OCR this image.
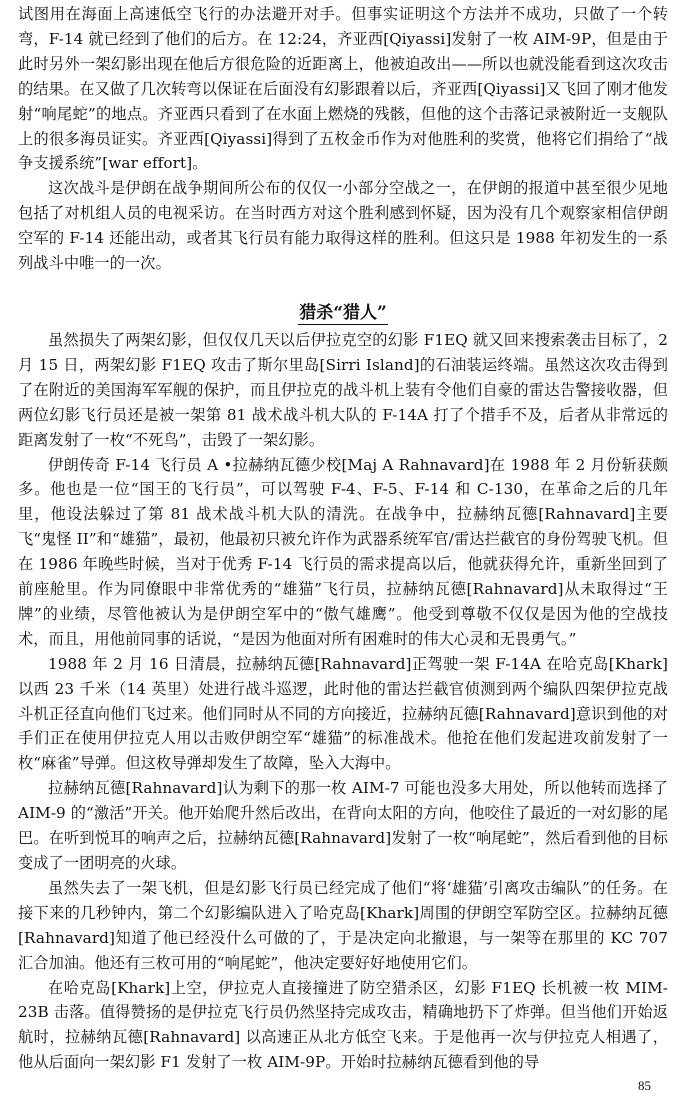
试图用在海面上高速低空飞行的办法避开对手。但事实证明这个方法并不成功，只做了一个转弯，F-14 就已经到了他们的后方。在 12:24，齐亚西[Qiyassi]发射了一枚 AIM-9P，但是由于此时另外一架幻影出现在他后方很危险的近距离上，他被迫改出——所以也就没能看到这次攻击的结果。在又做了几次转弯以保证在后面没有幻影跟着以后，齐亚西[Qiyassi]又飞回了刚才他发射“响尾蛇”的地点。齐亚西只看到了在水面上燃烧的残骸，但他的这个击落记录被附近一支舰队上的很多海员证实。齐亚西[Qiyassi]得到了五枚金币作为对他胜利的奖赏，他将它们捐给了“战争支援系统”[war effort]。

这次战斗是伊朗在战争期间所公布的仅仅一小部分空战之一，在伊朗的报道中甚至很少见地包括了对机组人员的电视采访。在当时西方对这个胜利感到怀疑，因为没有几个观察家相信伊朗空军的 F-14 还能出动，或者其飞行员有能力取得这样的胜利。但这只是 1988 年初发生的一系列战斗中唯一的一次。

猎杀“猎人”

虽然损失了两架幻影，但仅仅几天以后伊拉克空的幻影 F1EQ 就又回来搜索袭击目标了，2 月 15 日，两架幻影 F1EQ 攻击了斯尔里岛[Sirri Island]的石油装运终端。虽然这次攻击得到了在附近的美国海军军舰的保护，而且伊拉克的战斗机上装有令他们自豪的雷达告警接收器，但两位幻影飞行员还是被一架第 81 战术战斗机大队的 F-14A 打了个措手不及，后者从非常远的距离发射了一枚“不死鸟”，击毁了一架幻影。

伊朗传奇 F-14 飞行员 A •拉赫纳瓦德少校[Maj A Rahnavard]在 1988 年 2 月份斩获颇多。他也是一位“国王的飞行员”，可以驾驶 F-4、F-5、F-14 和 C-130，在革命之后的几年里，他设法躲过了第 81 战术战斗机大队的清洗。在战争中，拉赫纳瓦德[Rahnavard]主要飞“鬼怪 II”和“雄猫”，最初，他最初只被允许作为武器系统军官/雷达拦截官的身份驾驶飞机。但在 1986 年晚些时候，当对于优秀 F-14 飞行员的需求提高以后，他就获得允许，重新坐回到了前座舱里。作为同僚眼中非常优秀的“雄猫”飞行员，拉赫纳瓦德[Rahnavard]从未取得过“王牌”的业绩，尽管他被认为是伊朗空军中的“傲气雄鹰”。他受到尊敬不仅仅是因为他的空战技术，而且，用他前同事的话说，“是因为他面对所有困难时的伟大心灵和无畏勇气。”

1988 年 2 月 16 日清晨，拉赫纳瓦德[Rahnavard]正驾驶一架 F-14A 在哈克岛[Khark]以西 23 千米（14 英里）处进行战斗巡逻，此时他的雷达拦截官侦测到两个编队四架伊拉克战斗机正径直向他们飞过来。他们同时从不同的方向接近，拉赫纳瓦德[Rahnavard]意识到他的对手们正在使用伊拉克人用以击败伊朗空军“雄猫”的标准战术。他抢在他们发起进攻前发射了一枚“麻雀”导弹。但这枚导弹却发生了故障，坠入大海中。

拉赫纳瓦德[Rahnavard]认为剩下的那一枚 AIM-7 可能也没多大用处，所以他转而选择了 AIM-9 的“激活”开关。他开始爬升然后改出，在背向太阳的方向，他咬住了最近的一对幻影的尾巴。在听到悦耳的响声之后，拉赫纳瓦德[Rahnavard]发射了一枚“响尾蛇”，然后看到他的目标变成了一团明亮的火球。

虽然失去了一架飞机，但是幻影飞行员已经完成了他们“将‘雄猫’引离攻击编队”的任务。在接下来的几秒钟内，第二个幻影编队进入了哈克岛[Khark]周围的伊朗空军防空区。拉赫纳瓦德[Rahnavard]知道了他已经没什么可做的了，于是决定向北撤退，与一架等在那里的 KC 707 汇合加油。他还有三枚可用的“响尾蛇”，他决定要好好地使用它们。

在哈克岛[Khark]上空，伊拉克人直接撞进了防空猎杀区，幻影 F1EQ 长机被一枚 MIM-23B 击落。值得赞扬的是伊拉克飞行员仍然坚持完成攻击，精确地扔下了炸弹。但当他们开始返航时，拉赫纳瓦德[Rahnavard] 以高速正从北方低空飞来。于是他再一次与伊拉克人相遇了，他从后面向一架幻影 F1 发射了一枚 AIM-9P。开始时拉赫纳瓦德看到他的导

85
